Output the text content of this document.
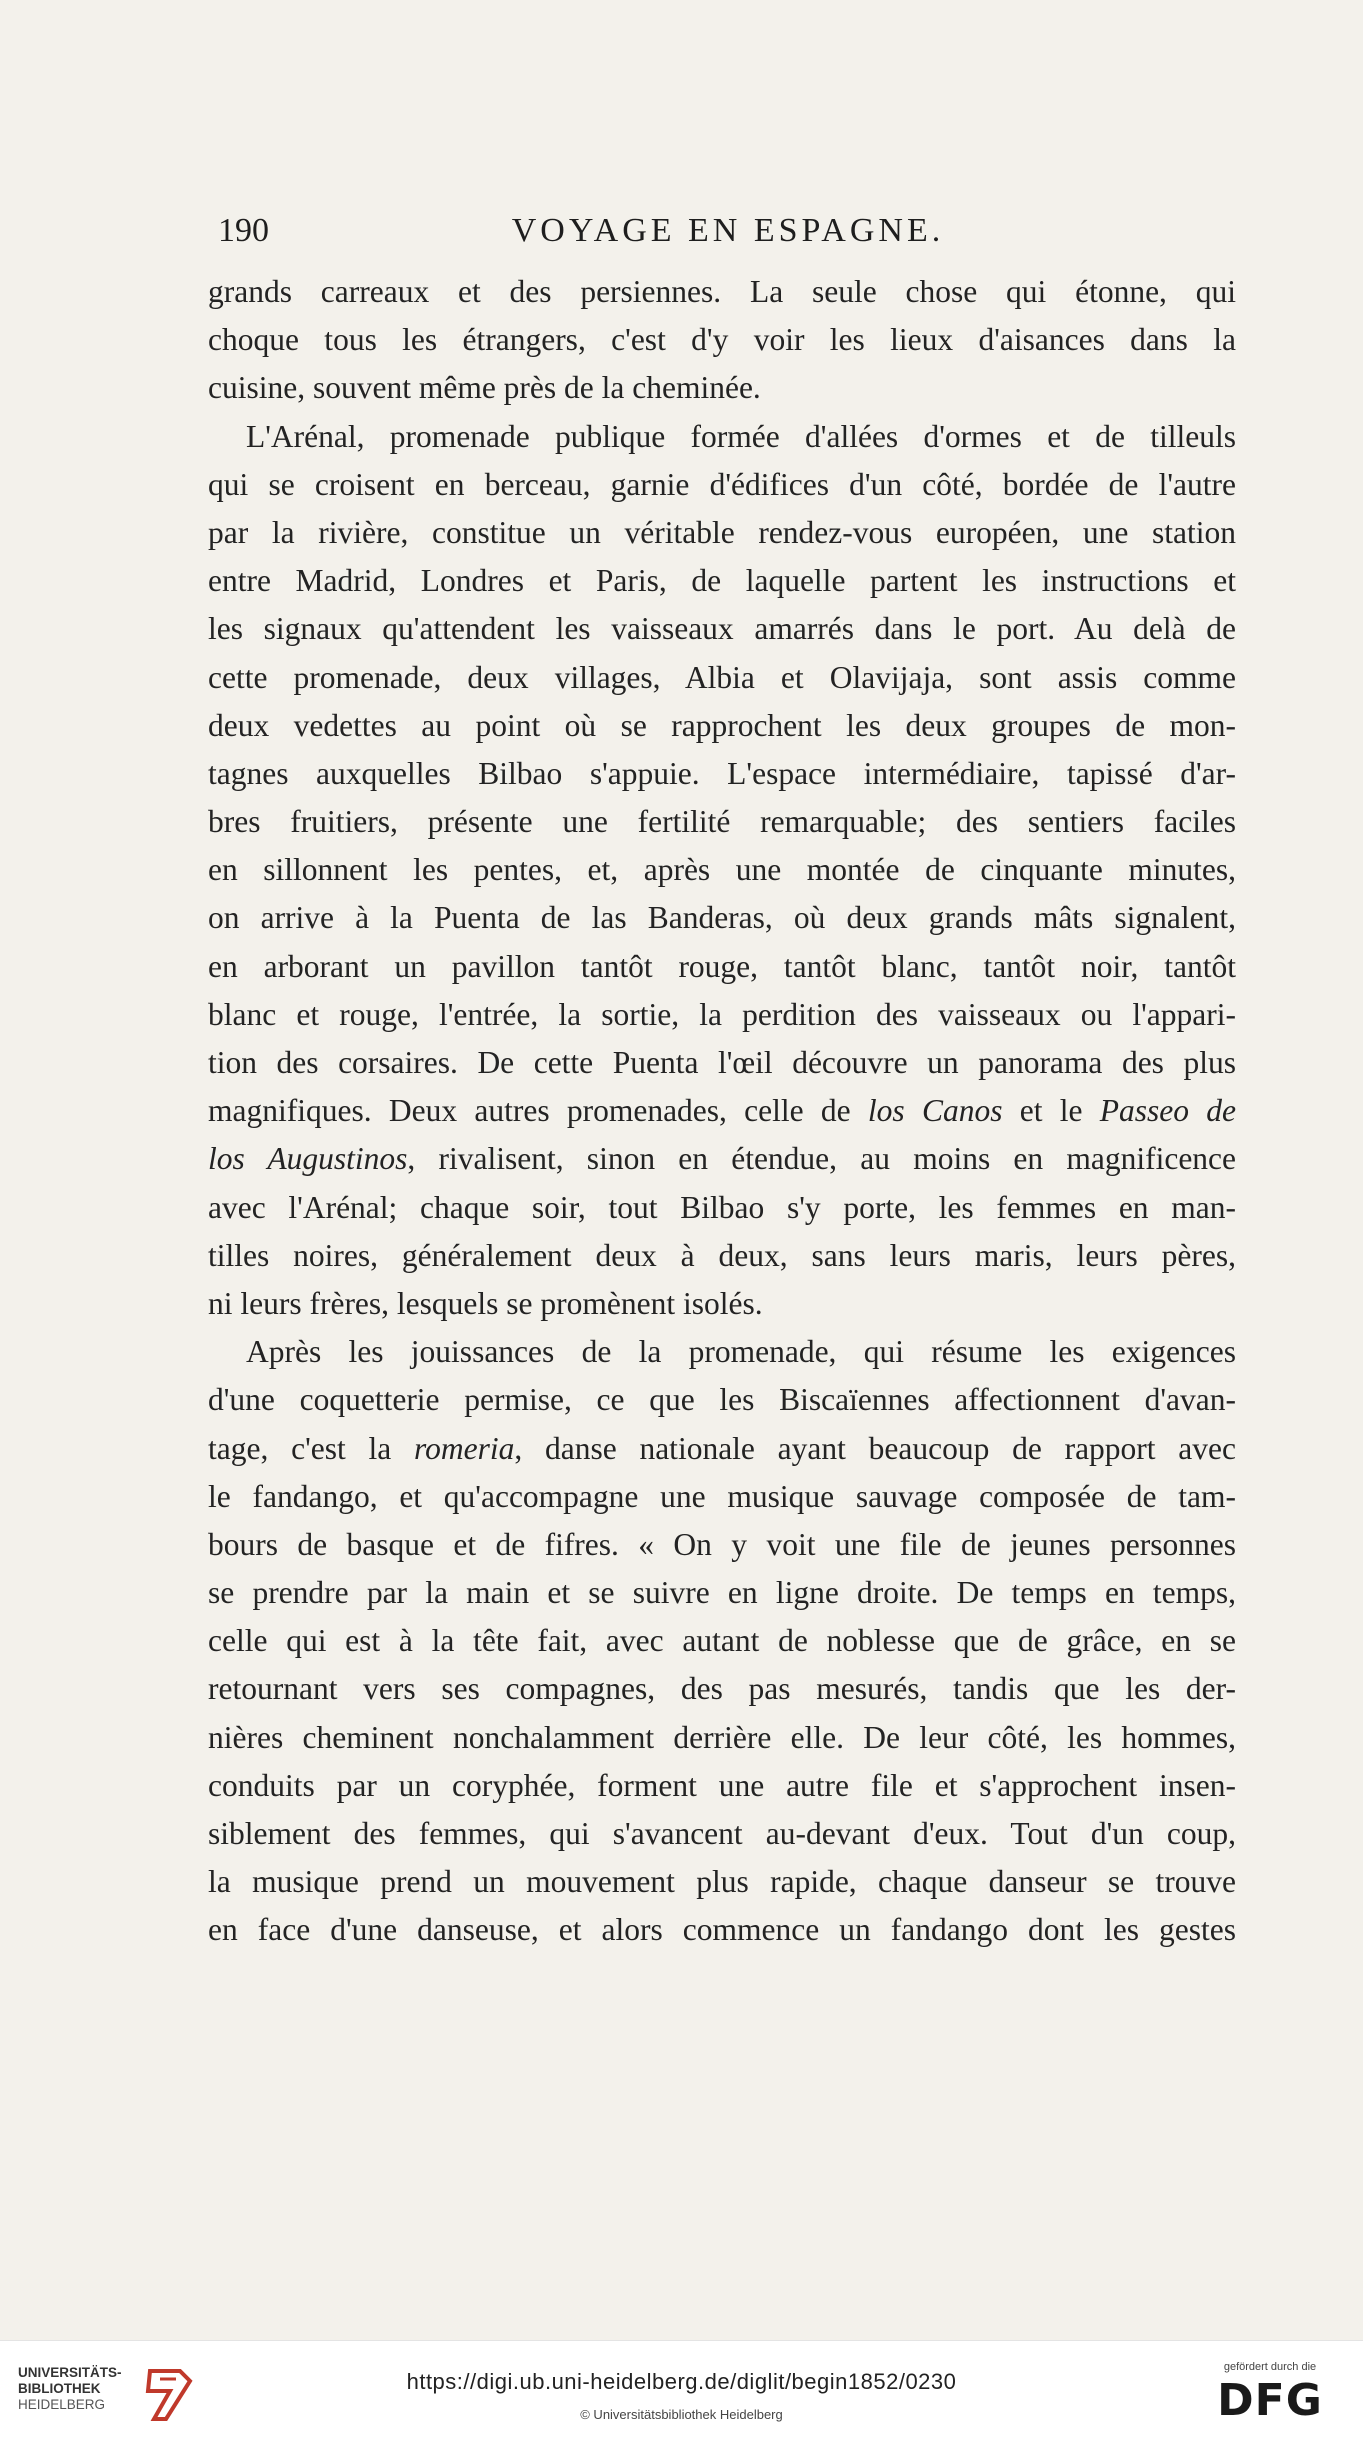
190	VOYAGE EN ESPAGNE.
grands carreaux et des persiennes. La seule chose qui étonne, qui
choque tous les étrangers, c'est d'y voir les lieux d'aisances dans la
cuisine, souvent même près de la cheminée.
L'Arénal, promenade publique formée d'allées d'ormes et de tilleuls
qui se croisent en berceau, garnie d'édifices d'un côté, bordée de l'autre
par la rivière, constitue un véritable rendez-vous européen, une station
entre Madrid, Londres et Paris, de laquelle partent les instructions et
les signaux qu'attendent les vaisseaux amarrés dans le port. Au delà de
cette promenade, deux villages, Albia et Olavijaja, sont assis comme
deux vedettes au point où se rapprochent les deux groupes de mon-
tagnes auxquelles Bilbao s'appuie. L'espace intermédiaire, tapissé d'ar-
bres fruitiers, présente une fertilité remarquable; des sentiers faciles
en sillonnent les pentes, et, après une montée de cinquante minutes,
on arrive à la Puenta de las Banderas, où deux grands mâts signalent,
en arborant un pavillon tantôt rouge, tantôt blanc, tantôt noir, tantôt
blanc et rouge, l'entrée, la sortie, la perdition des vaisseaux ou l'appari-
tion des corsaires. De cette Puenta l'œil découvre un panorama des plus
magnifiques. Deux autres promenades, celle de los Canos et le Passeo de
los Augustinos, rivalisent, sinon en étendue, au moins en magnificence
avec l'Arénal; chaque soir, tout Bilbao s'y porte, les femmes en man-
tilles noires, généralement deux à deux, sans leurs maris, leurs pères,
ni leurs frères, lesquels se promènent isolés.
Après les jouissances de la promenade, qui résume les exigences
d'une coquetterie permise, ce que les Biscaïennes affectionnent d'avan-
tage, c'est la romeria, danse nationale ayant beaucoup de rapport avec
le fandango, et qu'accompagne une musique sauvage composée de tam-
bours de basque et de fifres. « On y voit une file de jeunes personnes
se prendre par la main et se suivre en ligne droite. De temps en temps,
celle qui est à la tête fait, avec autant de noblesse que de grâce, en se
retournant vers ses compagnes, des pas mesurés, tandis que les der-
nières cheminent nonchalamment derrière elle. De leur côté, les hommes,
conduits par un coryphée, forment une autre file et s'approchent insen-
siblement des femmes, qui s'avancent au-devant d'eux. Tout d'un coup,
la musique prend un mouvement plus rapide, chaque danseur se trouve
en face d'une danseuse, et alors commence un fandango dont les gestes
UNIVERSITÄTS-
BIBLIOTHEK
HEIDELBERG
https://digi.ub.uni-heidelberg.de/diglit/begin1852/0230
© Universitätsbibliothek Heidelberg
gefördert durch die
DFG
